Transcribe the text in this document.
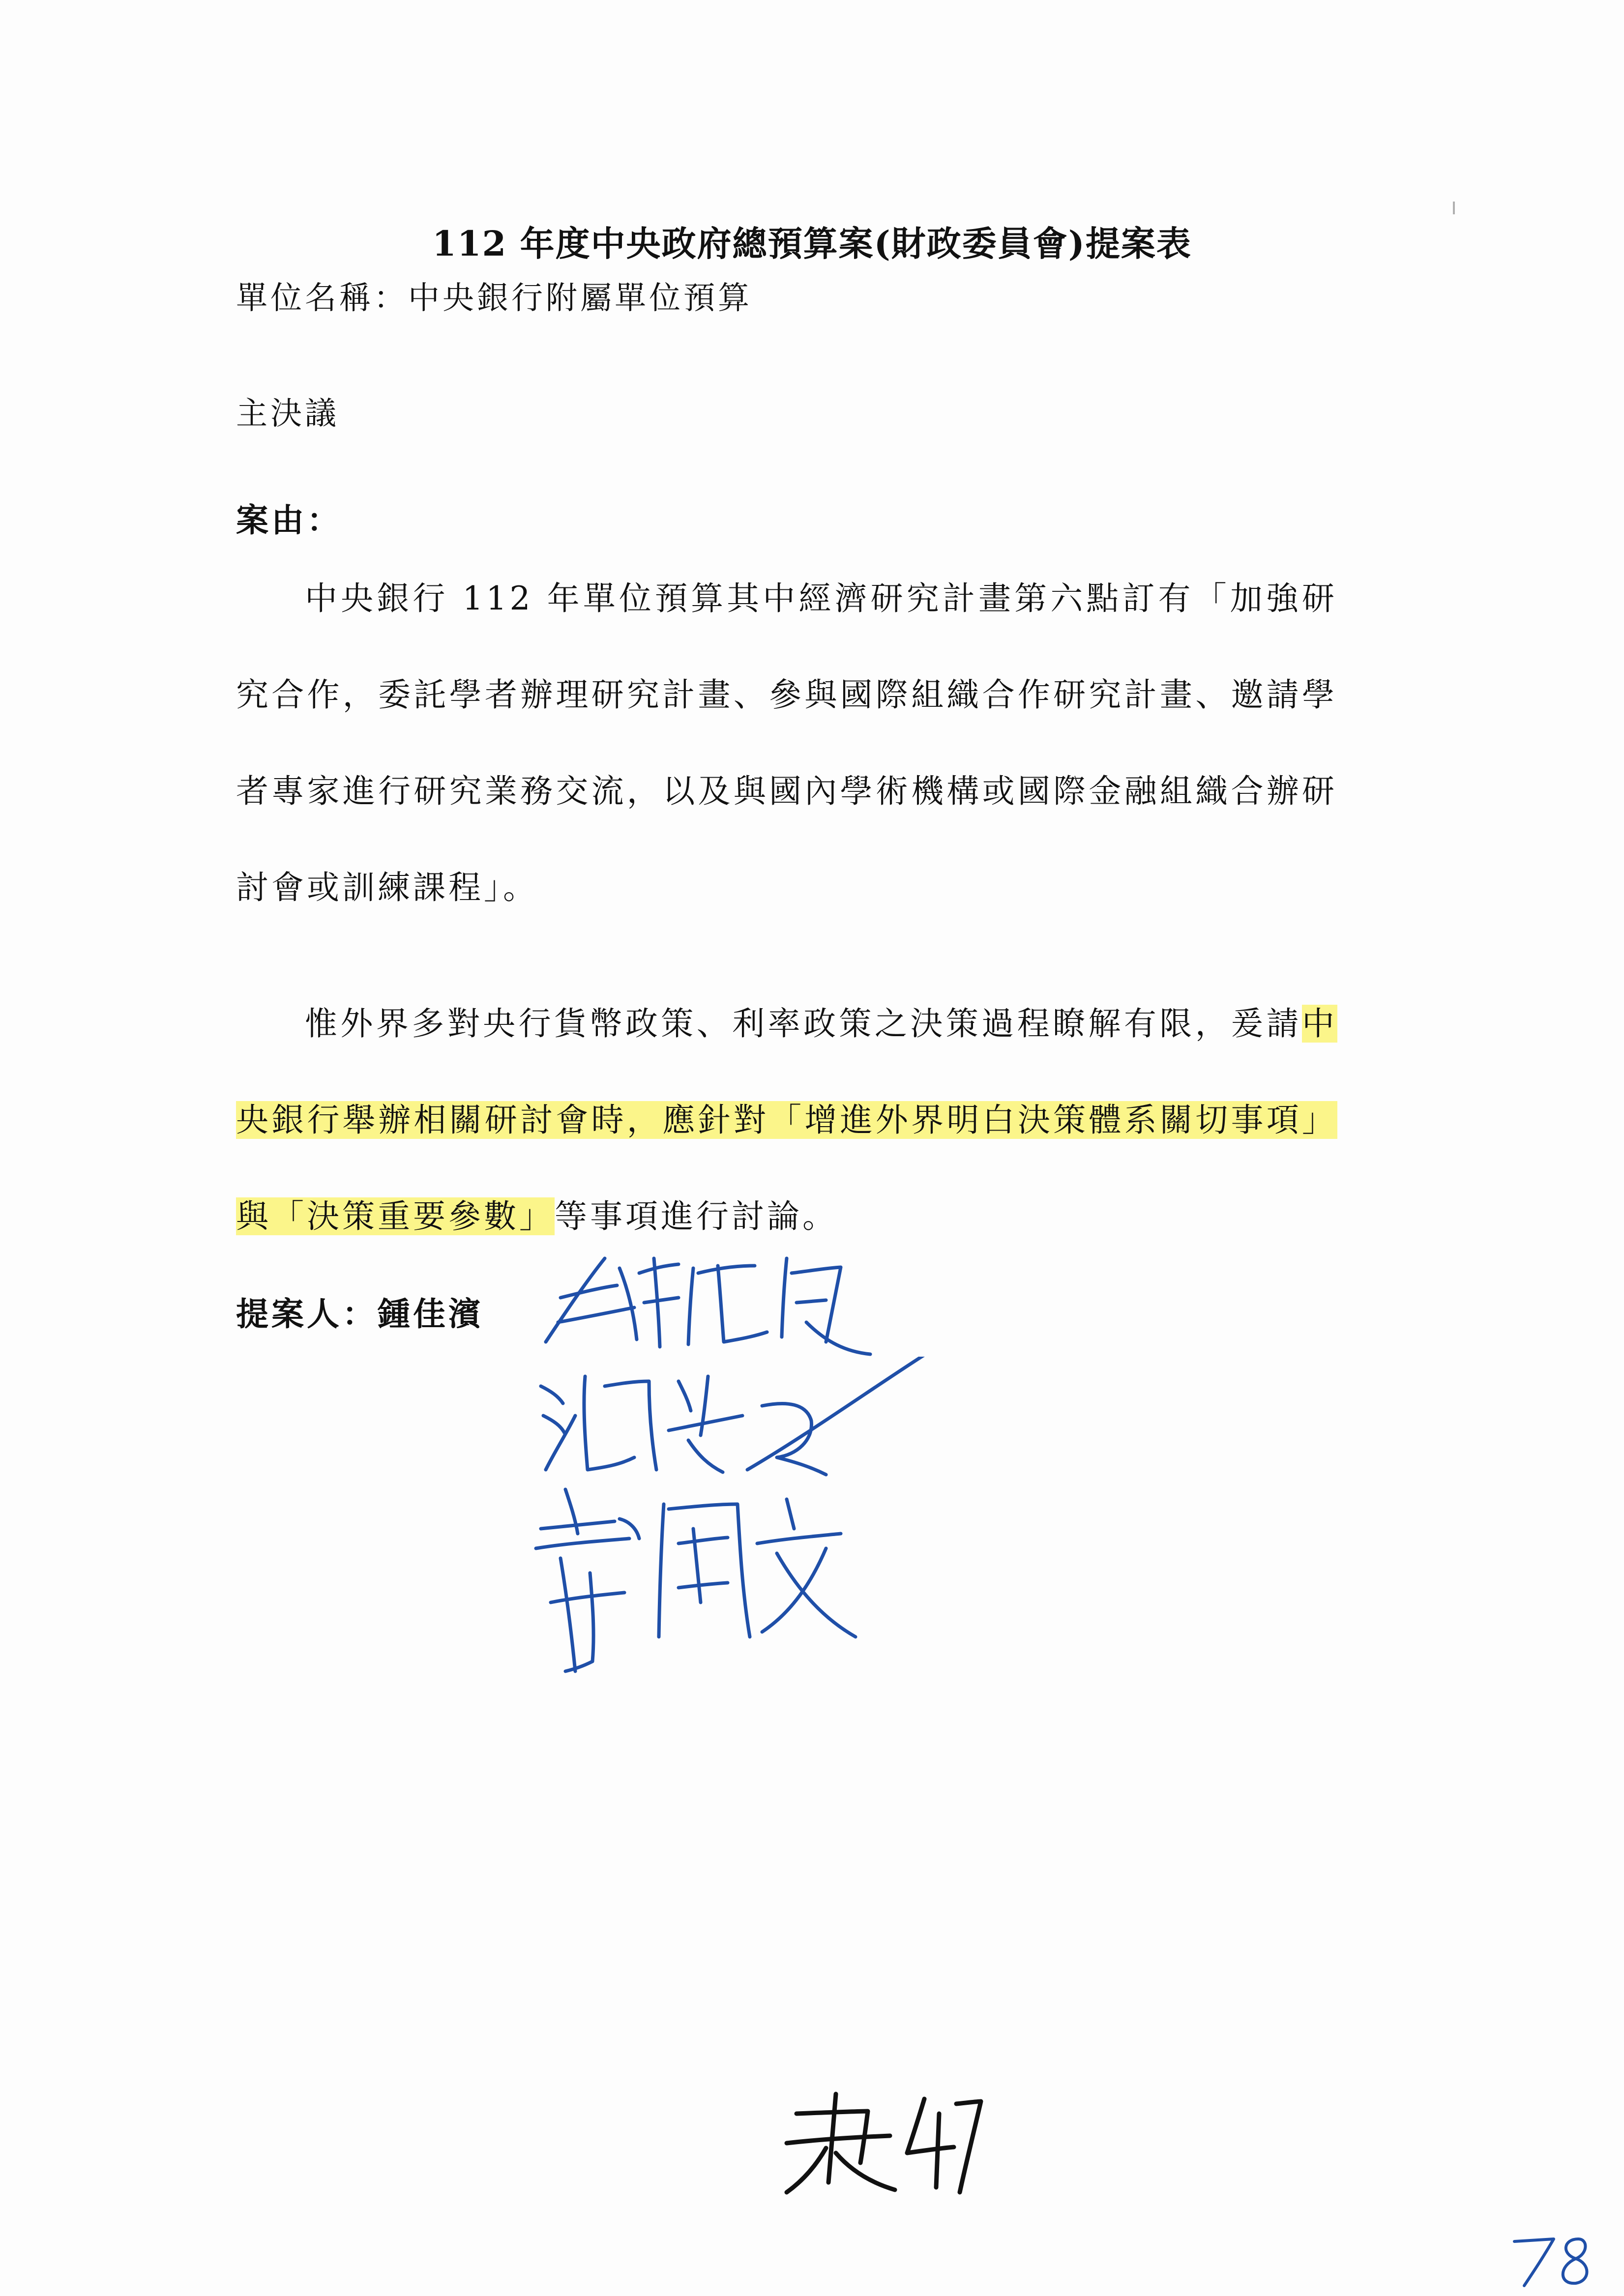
112 年度中央政府總預算案(財政委員會)提案表
單位名稱：中央銀行附屬單位預算
主決議
案由：
中央銀行 112 年單位預算其中經濟研究計畫第六點訂有「加強研究合作，委託學者辦理研究計畫、參與國際組織合作研究計畫、邀請學者專家進行研究業務交流，以及與國內學術機構或國際金融組織合辦研討會或訓練課程」。
惟外界多對央行貨幣政策、利率政策之決策過程瞭解有限，爰請中央銀行舉辦相關研討會時，應針對「增進外界明白決策體系關切事項」與「決策重要參數」等事項進行討論。
提案人：鍾佳濱
